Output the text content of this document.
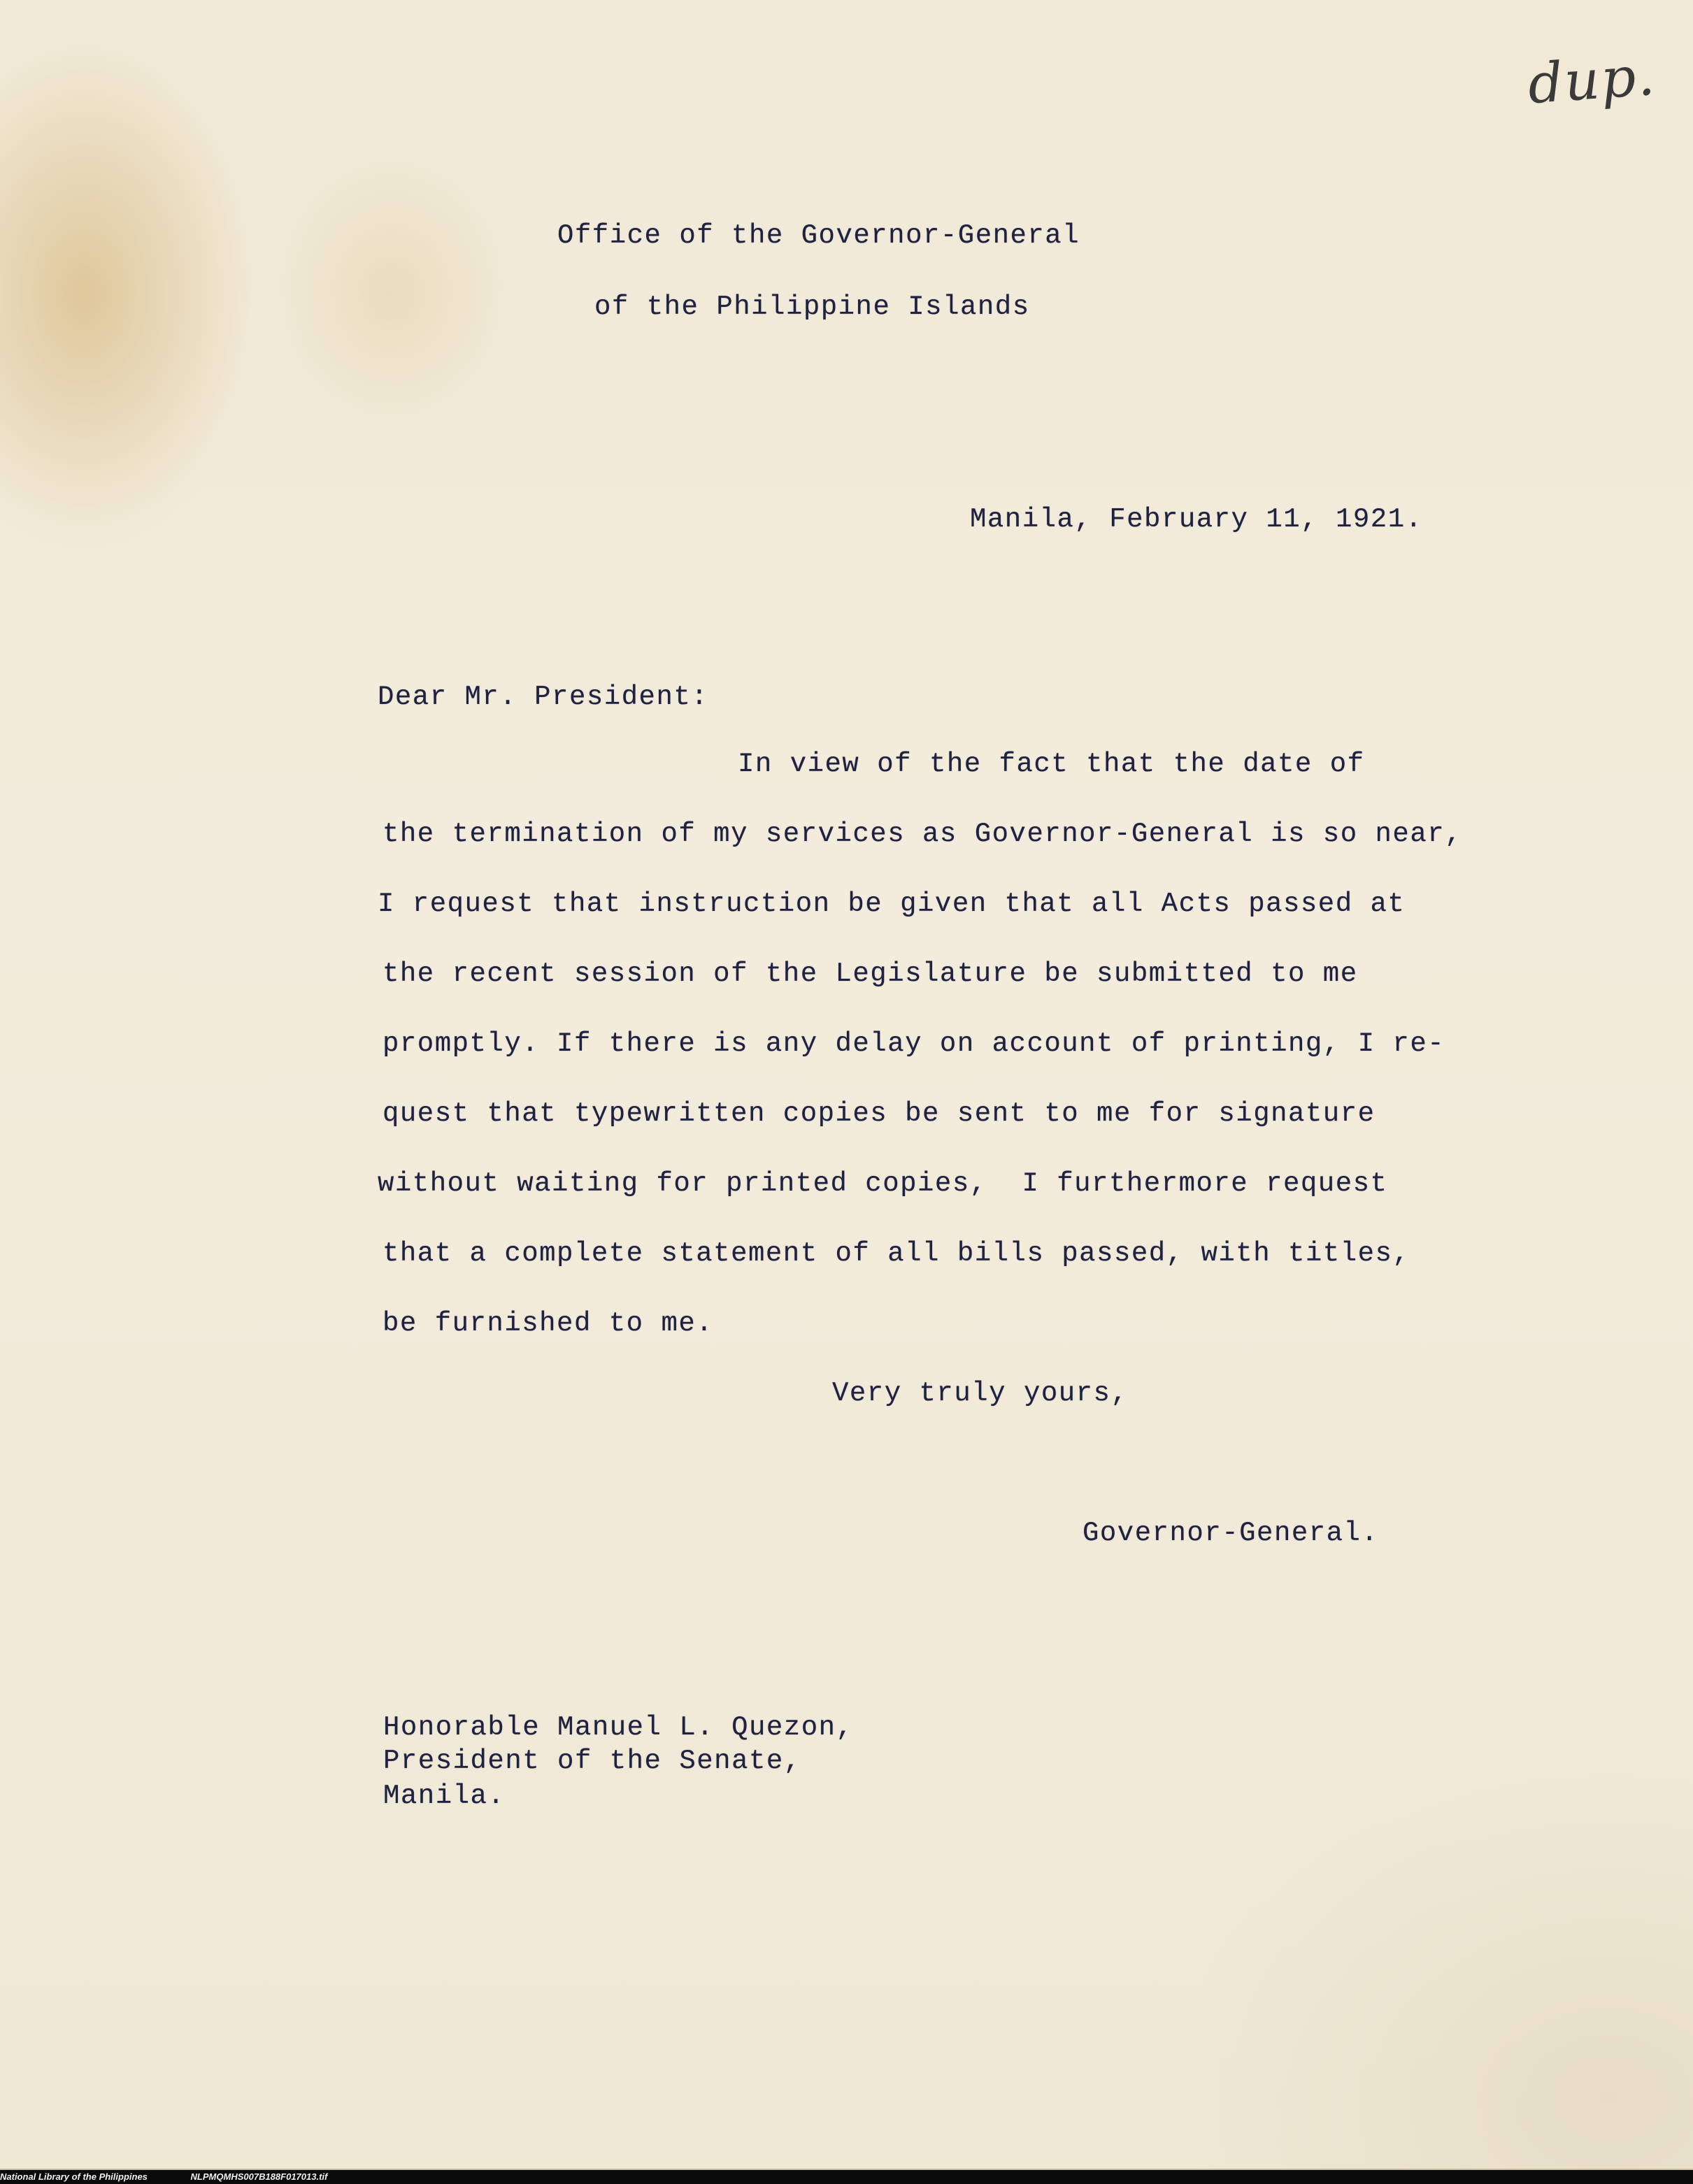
dup.
Office of the Governor-General
of the Philippine Islands
Manila, February 11, 1921.
Dear Mr. President:
In view of the fact that the date of
the termination of my services as Governor-General is so near,
I request that instruction be given that all Acts passed at
the recent session of the Legislature be submitted to me
promptly. If there is any delay on account of printing, I re-
quest that typewritten copies be sent to me for signature
without waiting for printed copies,  I furthermore request
that a complete statement of all bills passed, with titles,
be furnished to me.
Very truly yours,
Governor-General.
Honorable Manuel L. Quezon,
President of the Senate,
Manila.
National Library of the Philippines	NLPMQMHS007B188F017013.tif
